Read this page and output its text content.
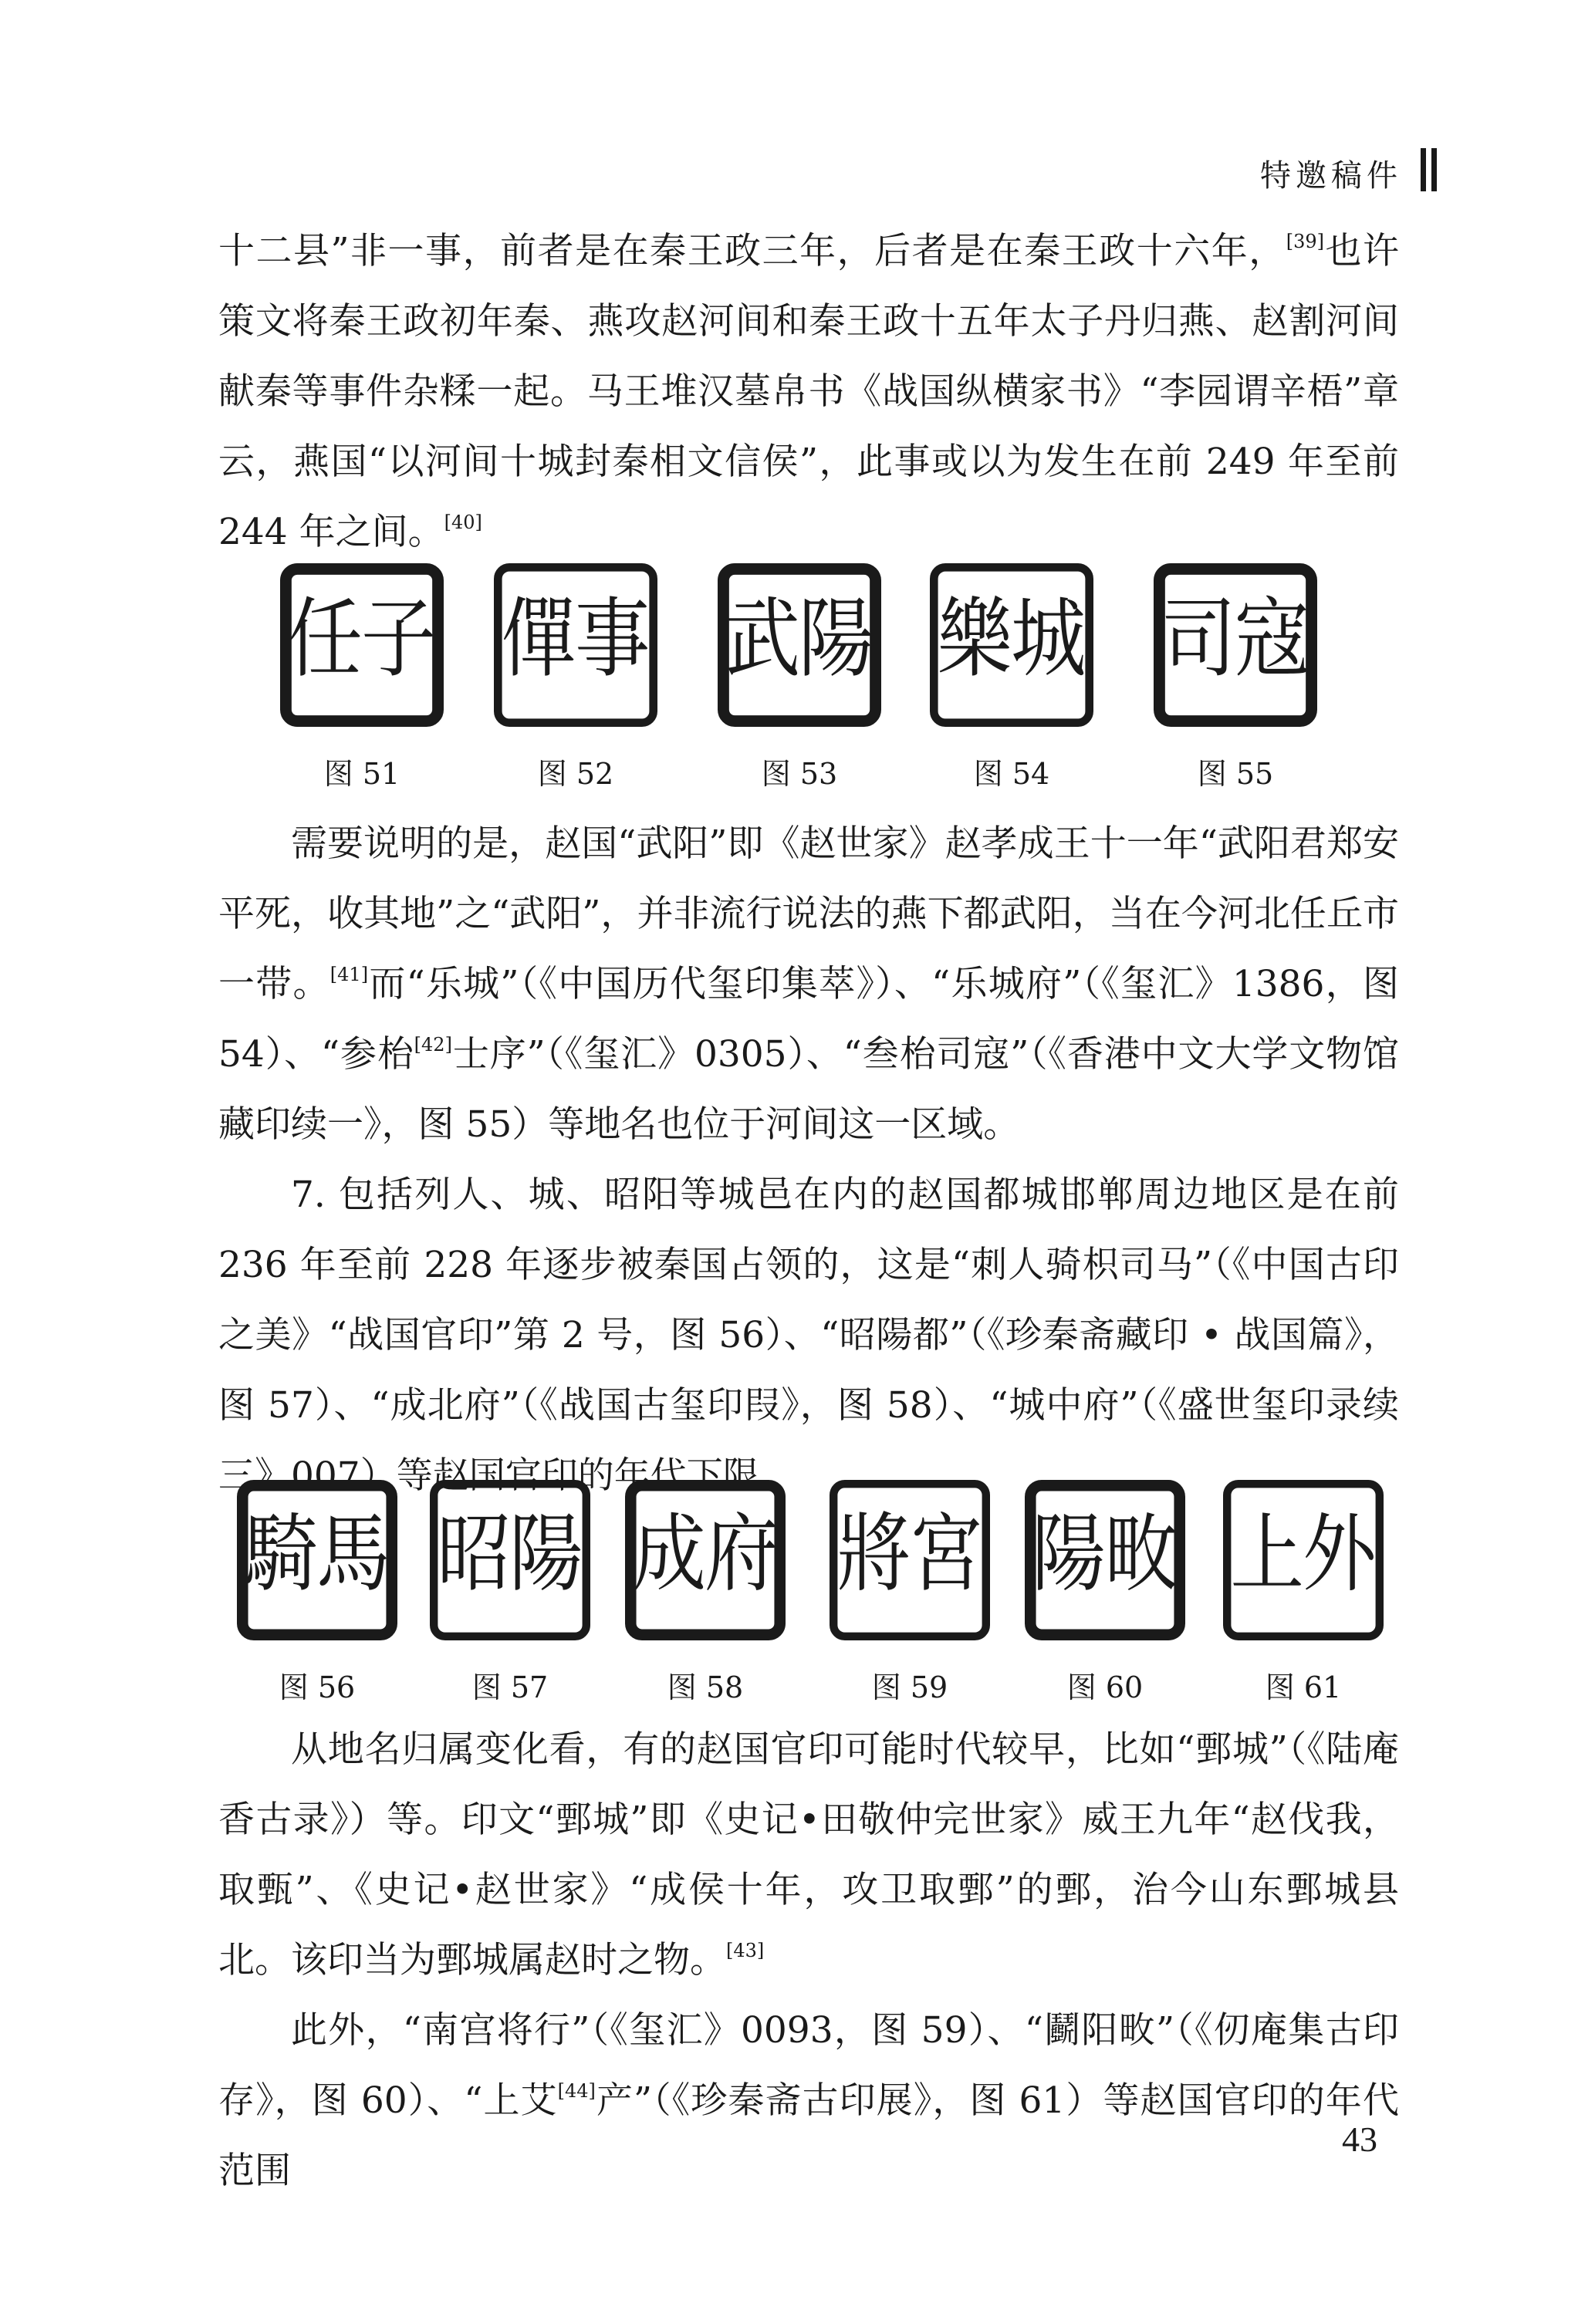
特邀稿件

十二县”非一事，前者是在秦王政三年，后者是在秦王政十六年，[39]也许策文将秦王政初年秦、燕攻赵河间和秦王政十五年太子丹归燕、赵割河间献秦等事件杂糅一起。马王堆汉墓帛书《战国纵横家书》“李园谓辛梧”章云，燕国“以河间十城封秦相文信侯”，此事或以为发生在前 249 年至前 244 年之间。[40]

任
子
图 51
僤
事
图 52
武
陽
图 53
樂
城
图 54
司
寇
图 55

需要说明的是，赵国“武阳”即《赵世家》赵孝成王十一年“武阳君郑安平死，收其地”之“武阳”，并非流行说法的燕下都武阳，当在今河北任丘市一带。[41]而“乐城”（《中国历代玺印集萃》）、“乐城府”（《玺汇》1386，图 54）、“参枱[42]士序”（《玺汇》0305）、“叁枱司寇”（《香港中文大学文物馆藏印续一》，图 55）等地名也位于河间这一区域。

7. 包括列人、城、昭阳等城邑在内的赵国都城邯郸周边地区是在前 236 年至前 228 年逐步被秦国占领的，这是“刺人骑枳司马”（《中国古印之美》“战国官印”第 2 号，图 56）、“昭陽都”（《珍秦斋藏印 • 战国篇》，图 57）、“成北府”（《战国古玺印叚》，图 58）、“城中府”（《盛世玺印录续三》007）等赵国官印的年代下限。

騎
馬
图 56
昭
陽
图 57
成
府
图 58
將
宮
图 59
陽
畋
图 60
上
外
图 61

从地名归属变化看，有的赵国官印可能时代较早，比如“鄄城”（《陆庵香古录》）等。印文“鄄城”即《史记•田敬仲完世家》威王九年“赵伐我，取甄”、《史记•赵世家》“成侯十年，攻卫取鄄”的鄄，治今山东鄄城县北。该印当为鄄城属赵时之物。[43]

此外，“南宫将行”（《玺汇》0093，图 59）、“鬬阳畋”（《仞庵集古印存》，图 60）、“上艾[44]产”（《珍秦斋古印展》，图 61）等赵国官印的年代范围

43
